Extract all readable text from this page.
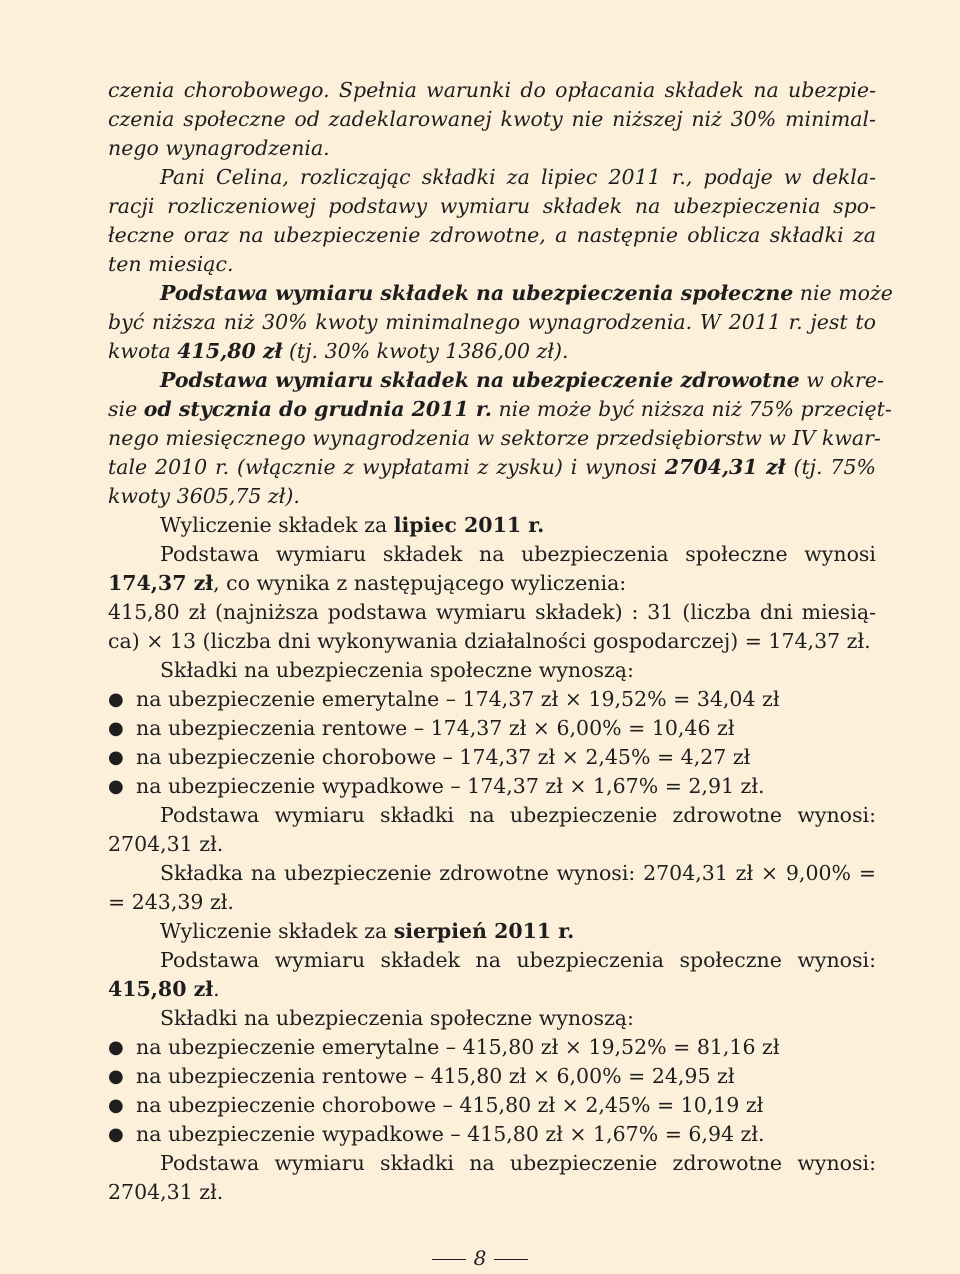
czenia chorobowego. Spełnia warunki do opłacania składek na ubezpie-
czenia społeczne od zadeklarowanej kwoty nie niższej niż 30% minimal-
nego wynagrodzenia.
Pani Celina, rozliczając składki za lipiec 2011 r., podaje w dekla-
racji rozliczeniowej podstawy wymiaru składek na ubezpieczenia spo-
łeczne oraz na ubezpieczenie zdrowotne, a następnie oblicza składki za
ten miesiąc.
Podstawa wymiaru składek na ubezpieczenia społeczne nie może
być niższa niż 30% kwoty minimalnego wynagrodzenia. W 2011 r. jest to
kwota 415,80 zł (tj. 30% kwoty 1386,00 zł).
Podstawa wymiaru składek na ubezpieczenie zdrowotne w okre-
sie od stycznia do grudnia 2011 r. nie może być niższa niż 75% przecięt-
nego miesięcznego wynagrodzenia w sektorze przedsiębiorstw w IV kwar-
tale 2010 r. (włącznie z wypłatami z zysku) i wynosi 2704,31 zł (tj. 75%
kwoty 3605,75 zł).
Wyliczenie składek za lipiec 2011 r.
Podstawa wymiaru składek na ubezpieczenia społeczne wynosi
174,37 zł, co wynika z następującego wyliczenia:
415,80 zł (najniższa podstawa wymiaru składek) : 31 (liczba dni miesią-
ca) × 13 (liczba dni wykonywania działalności gospodarczej) = 174,37 zł.
Składki na ubezpieczenia społeczne wynoszą:
● na ubezpieczenie emerytalne – 174,37 zł × 19,52% = 34,04 zł
● na ubezpieczenia rentowe – 174,37 zł × 6,00% = 10,46 zł
● na ubezpieczenie chorobowe – 174,37 zł × 2,45% = 4,27 zł
● na ubezpieczenie wypadkowe – 174,37 zł × 1,67% = 2,91 zł.
Podstawa wymiaru składki na ubezpieczenie zdrowotne wynosi:
2704,31 zł.
Składka na ubezpieczenie zdrowotne wynosi: 2704,31 zł × 9,00% =
= 243,39 zł.
Wyliczenie składek za sierpień 2011 r.
Podstawa wymiaru składek na ubezpieczenia społeczne wynosi:
415,80 zł.
Składki na ubezpieczenia społeczne wynoszą:
● na ubezpieczenie emerytalne – 415,80 zł × 19,52% = 81,16 zł
● na ubezpieczenia rentowe – 415,80 zł × 6,00% = 24,95 zł
● na ubezpieczenie chorobowe – 415,80 zł × 2,45% = 10,19 zł
● na ubezpieczenie wypadkowe – 415,80 zł × 1,67% = 6,94 zł.
Podstawa wymiaru składki na ubezpieczenie zdrowotne wynosi:
2704,31 zł.
8
